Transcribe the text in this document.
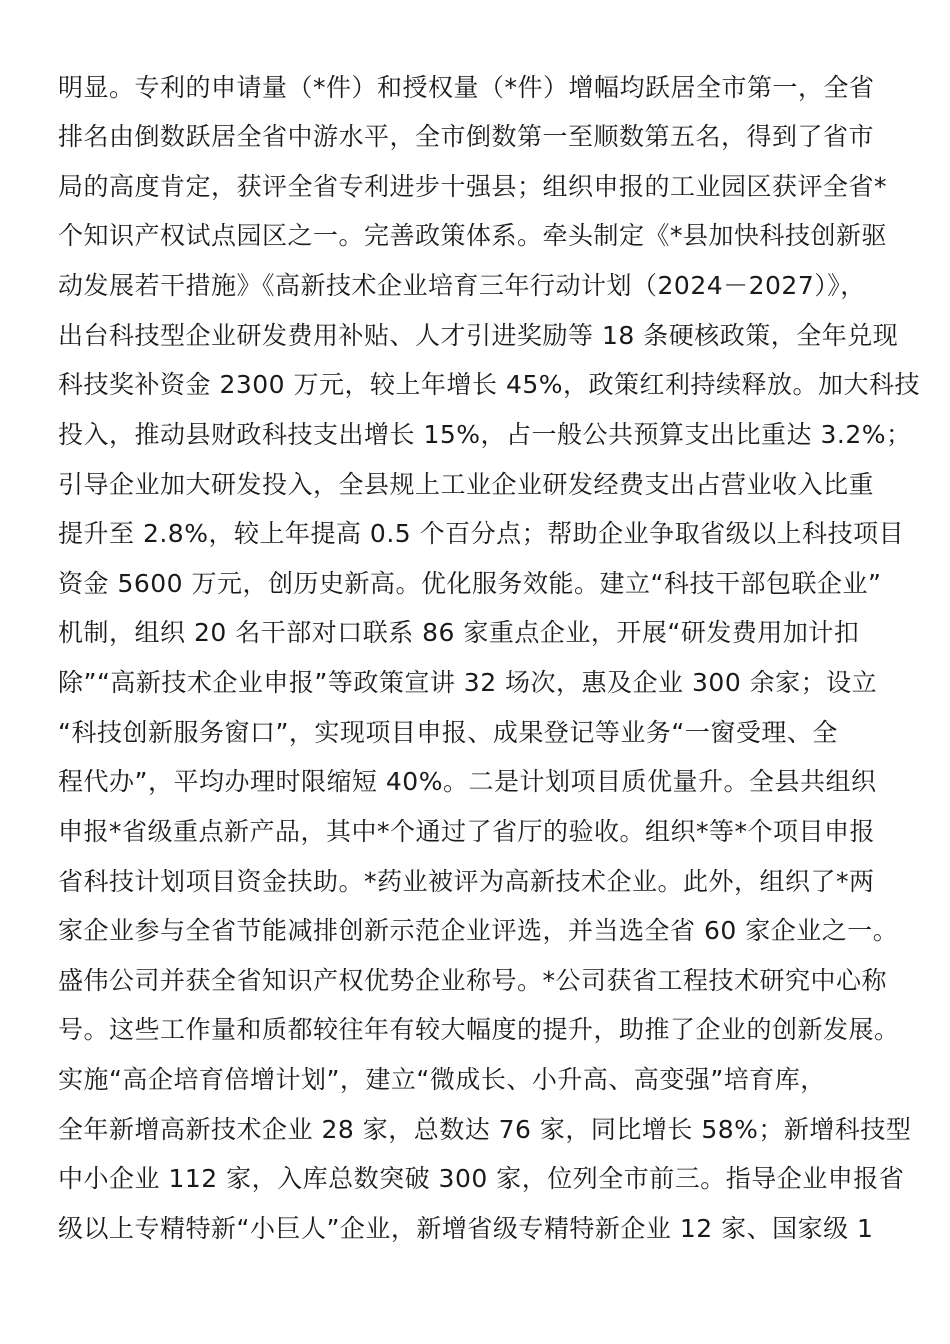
明显。专利的申请量（*件）和授权量（*件）增幅均跃居全市第一，全省
排名由倒数跃居全省中游水平，全市倒数第一至顺数第五名，得到了省市
局的高度肯定，获评全省专利进步十强县；组织申报的工业园区获评全省*
个知识产权试点园区之一。完善政策体系。牵头制定《*县加快科技创新驱
动发展若干措施》《高新技术企业培育三年行动计划（2024－2027）》，
出台科技型企业研发费用补贴、人才引进奖励等 18 条硬核政策，全年兑现
科技奖补资金 2300 万元，较上年增长 45%，政策红利持续释放。加大科技
投入，推动县财政科技支出增长 15%，占一般公共预算支出比重达 3.2%；
引导企业加大研发投入，全县规上工业企业研发经费支出占营业收入比重
提升至 2.8%，较上年提高 0.5 个百分点；帮助企业争取省级以上科技项目
资金 5600 万元，创历史新高。优化服务效能。建立“科技干部包联企业”
机制，组织 20 名干部对口联系 86 家重点企业，开展“研发费用加计扣
除”“高新技术企业申报”等政策宣讲 32 场次，惠及企业 300 余家；设立
“科技创新服务窗口”，实现项目申报、成果登记等业务“一窗受理、全
程代办”，平均办理时限缩短 40%。二是计划项目质优量升。全县共组织
申报*省级重点新产品，其中*个通过了省厅的验收。组织*等*个项目申报
省科技计划项目资金扶助。*药业被评为高新技术企业。此外，组织了*两
家企业参与全省节能减排创新示范企业评选，并当选全省 60 家企业之一。
盛伟公司并获全省知识产权优势企业称号。*公司获省工程技术研究中心称
号。这些工作量和质都较往年有较大幅度的提升，助推了企业的创新发展。
实施“高企培育倍增计划”，建立“微成长、小升高、高变强”培育库，
全年新增高新技术企业 28 家，总数达 76 家，同比增长 58%；新增科技型
中小企业 112 家，入库总数突破 300 家，位列全市前三。指导企业申报省
级以上专精特新“小巨人”企业，新增省级专精特新企业 12 家、国家级 1
